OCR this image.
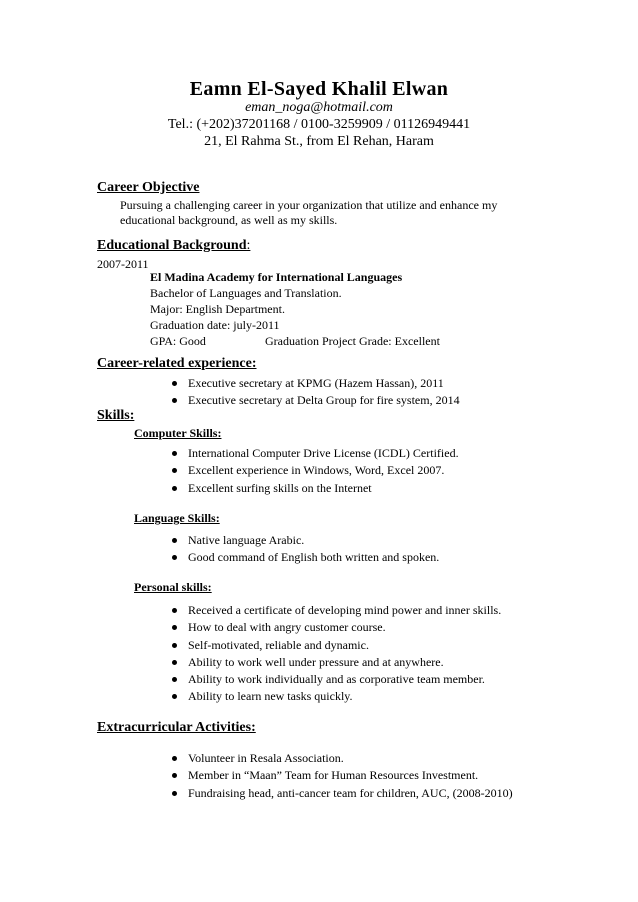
Eamn El-Sayed Khalil Elwan
eman_noga@hotmail.com
Tel.: (+202)37201168 / 0100-3259909 / 01126949441
21, El Rahma St., from El Rehan, Haram
Career Objective
Pursuing a challenging career in your organization that utilize and enhance my
educational background, as well as my skills.
Educational Background:
2007-2011
El Madina Academy for International Languages
Bachelor of Languages and Translation.
Major: English Department.
Graduation date: july-2011
GPA: Good	Graduation Project Grade: Excellent
Career-related experience:
Executive secretary at KPMG (Hazem Hassan), 2011
Executive secretary at Delta Group for fire system, 2014
Skills:
Computer Skills:
International Computer Drive License (ICDL) Certified.
Excellent experience in Windows, Word, Excel 2007.
Excellent surfing skills on the Internet
Language Skills:
Native language Arabic.
Good command of English both written and spoken.
Personal skills:
Received a certificate of developing mind power and inner skills.
How to deal with angry customer course.
Self-motivated, reliable and dynamic.
Ability to work well under pressure and at anywhere.
Ability to work individually and as corporative team member.
Ability to learn new tasks quickly.
Extracurricular Activities:
Volunteer in Resala Association.
Member in “Maan” Team for Human Resources Investment.
Fundraising head, anti-cancer team for children, AUC, (2008-2010)
